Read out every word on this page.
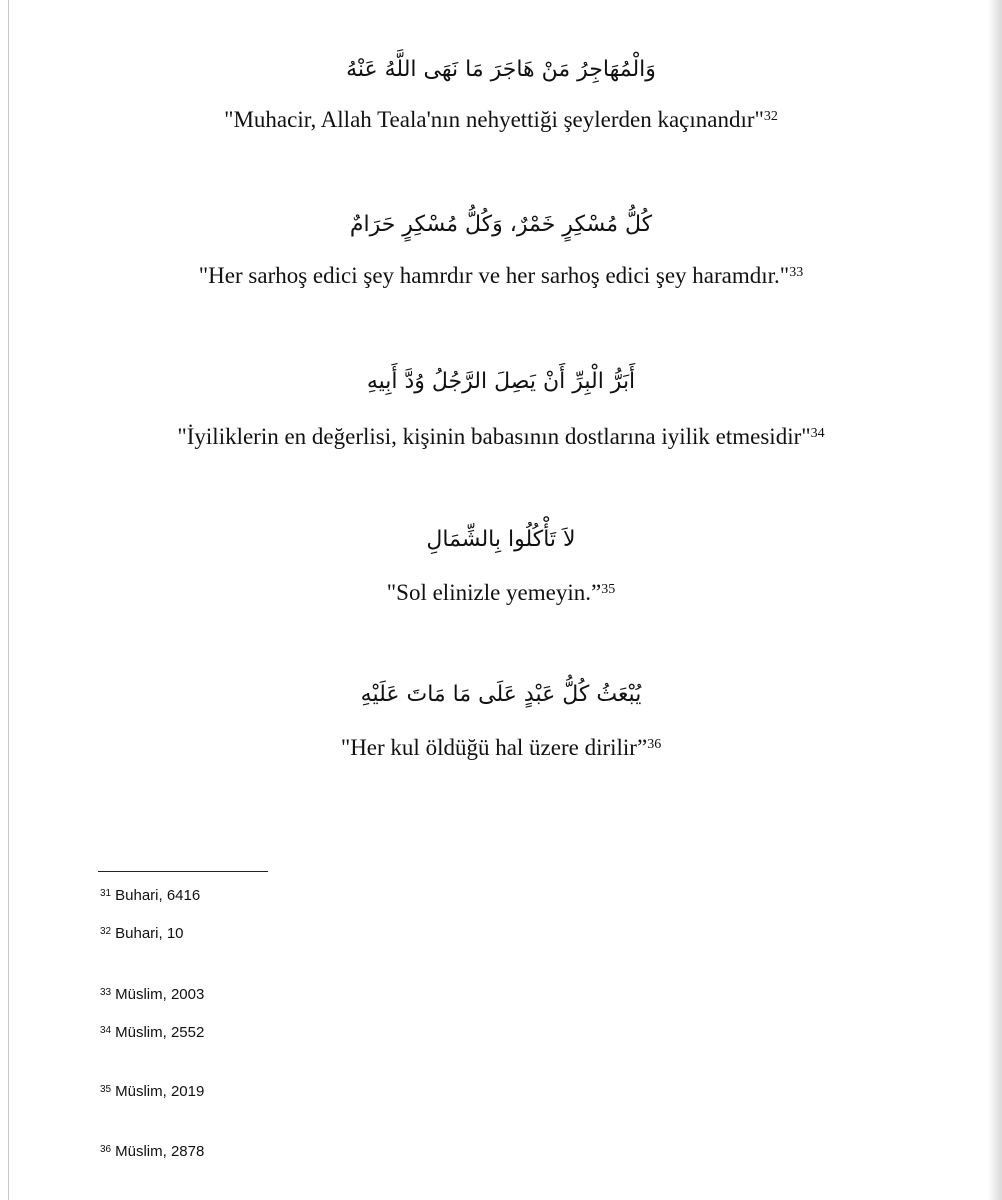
وَالْمُهَاجِرُ مَنْ هَاجَرَ مَا نَهَى اللَّهُ عَنْهُ
"Muhacir, Allah Teala'nın nehyettiği şeylerden kaçınandır"$^{32}$
كُلُّ مُسْكِرٍ خَمْرٌ، وَكُلُّ مُسْكِرٍ حَرَامٌ
"Her sarhoş edici şey hamrdır ve her sarhoş edici şey haramdır."$^{33}$
أَبَرُّ الْبِرِّ أَنْ يَصِلَ الرَّجُلُ وُدَّ أَبِيهِ
"İyiliklerin en değerlisi, kişinin babasının dostlarına iyilik etmesidir"$^{34}$
لاَ تَأْكُلُوا بِالشِّمَالِ
"Sol elinizle yemeyin.”$^{35}$
يُبْعَثُ كُلُّ عَبْدٍ عَلَى مَا مَاتَ عَلَيْهِ
"Her kul öldüğü hal üzere dirilir”$^{36}$
$^{31}$ Buhari, 6416
$^{32}$ Buhari, 10
$^{33}$ Müslim, 2003
$^{34}$ Müslim, 2552
$^{35}$ Müslim, 2019
$^{36}$ Müslim, 2878
